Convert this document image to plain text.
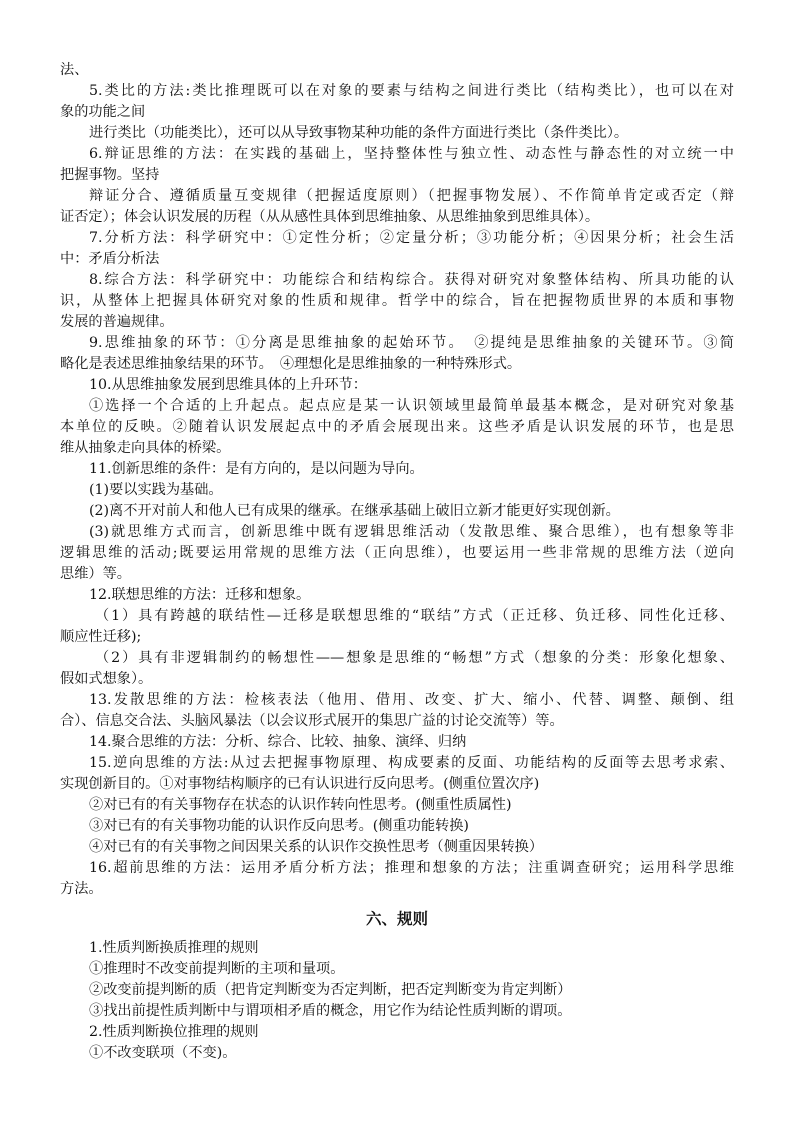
法、
5.类比的方法:类比推理既可以在对象的要素与结构之间进行类比（结构类比），也可以在对
象的功能之间
进行类比（功能类比），还可以从导致事物某种功能的条件方面进行类比（条件类比）。
6.辩证思维的方法：在实践的基础上，坚持整体性与独立性、动态性与静态性的对立统一中
把握事物。坚持
辩证分合、遵循质量互变规律（把握适度原则）（把握事物发展）、不作简单肯定或否定（辩
证否定）；体会认识发展的历程（从从感性具体到思维抽象、从思维抽象到思维具体）。
7.分析方法：科学研究中：①定性分析；②定量分析；③功能分析；④因果分析；社会生活
中：矛盾分析法
8.综合方法：科学研究中：功能综合和结构综合。获得对研究对象整体结构、所具功能的认
识，从整体上把握具体研究对象的性质和规律。哲学中的综合，旨在把握物质世界的本质和事物
发展的普遍规律。
9.思维抽象的环节：①分离是思维抽象的起始环节。　②提纯是思维抽象的关键环节。③简
略化是表述思维抽象结果的环节。　④理想化是思维抽象的一种特殊形式。
10.从思维抽象发展到思维具体的上升环节：
①选择一个合适的上升起点。起点应是某一认识领域里最简单最基本概念，是对研究对象基
本单位的反映。②随着认识发展起点中的矛盾会展现出来。这些矛盾是认识发展的环节，也是思
维从抽象走向具体的桥梁。
11.创新思维的条件：是有方向的，是以问题为导向。
(1)要以实践为基础。
(2)离不开对前人和他人已有成果的继承。在继承基础上破旧立新才能更好实现创新。
(3)就思维方式而言，创新思维中既有逻辑思维活动（发散思维、聚合思维），也有想象等非
逻辑思维的活动;既要运用常规的思维方法（正向思维），也要运用一些非常规的思维方法（逆向
思维）等。
12.联想思维的方法：迁移和想象。
（1）具有跨越的联结性—迁移是联想思维的“联结”方式（正迁移、负迁移、同性化迁移、
顺应性迁移);
（2）具有非逻辑制约的畅想性——想象是思维的“畅想”方式（想象的分类：形象化想象、
假如式想象）。
13.发散思维的方法：检核表法（他用、借用、改变、扩大、缩小、代替、调整、颠倒、组
合）、信息交合法、头脑风暴法（以会议形式展开的集思广益的讨论交流等）等。
14.聚合思维的方法：分析、综合、比较、抽象、演绎、归纳
15.逆向思维的方法:从过去把握事物原理、构成要素的反面、功能结构的反面等去思考求索、
实现创新目的。①对事物结构顺序的已有认识进行反向思考。(侧重位置次序)
②对已有的有关事物存在状态的认识作转向性思考。(侧重性质属性)
③对已有的有关事物功能的认识作反向思考。(侧重功能转换)
④对已有的有关事物之间因果关系的认识作交换性思考（侧重因果转换）
16.超前思维的方法：运用矛盾分析方法；推理和想象的方法；注重调查研究；运用科学思维
方法。
六、规则
1.性质判断换质推理的规则
①推理时不改变前提判断的主项和量项。
②改变前提判断的质（把肯定判断变为否定判断，把否定判断变为肯定判断）
③找出前提性质判断中与谓项相矛盾的概念，用它作为结论性质判断的谓项。
2.性质判断换位推理的规则
①不改变联项（不变)。
